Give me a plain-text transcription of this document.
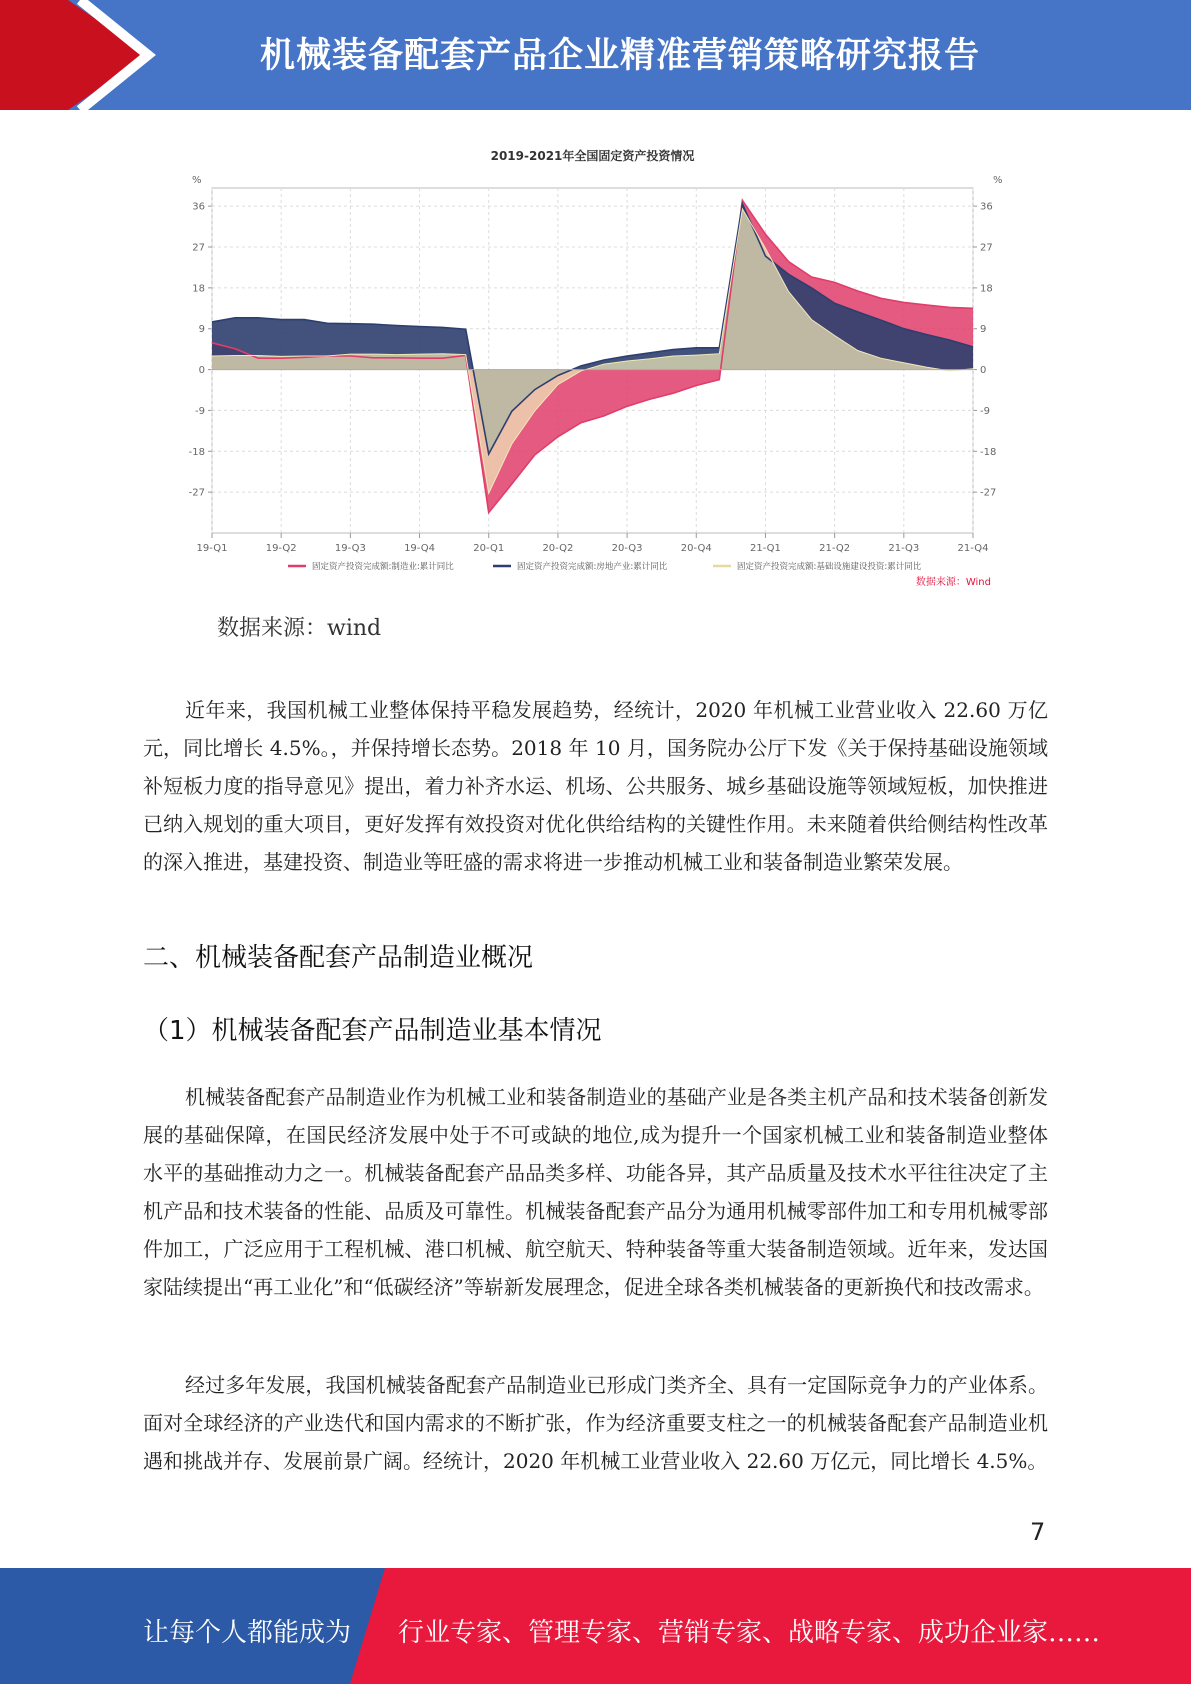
机械装备配套产品企业精准营销策略研究报告
36	36
27	27
18	18
9	9
0	0
-9	-9
-18	-18
-27	-27
19-Q1	19-Q2	19-Q3	19-Q4	20-Q1	20-Q2	20-Q3	20-Q4	21-Q1	21-Q2	21-Q3	21-Q4
2019-2021年全国固定资产投资情况
%	%
固定资产投资完成额:制造业:累计同比	固定资产投资完成额:房地产业:累计同比	固定资产投资完成额:基础设施建设投资:累计同比
数据来源：Wind
数据来源：wind

近年来，我国机械工业整体保持平稳发展趋势，经统计，2020 年机械工业营业收入 22.60 万亿元，同比增长 4.5%。，并保持增长态势。2018 年 10 月，国务院办公厅下发《关于保持基础设施领域补短板力度的指导意见》提出，着力补齐水运、机场、公共服务、城乡基础设施等领域短板，加快推进已纳入规划的重大项目，更好发挥有效投资对优化供给结构的关键性作用。未来随着供给侧结构性改革的深入推进，基建投资、制造业等旺盛的需求将进一步推动机械工业和装备制造业繁荣发展。

二、机械装备配套产品制造业概况
（1）机械装备配套产品制造业基本情况

机械装备配套产品制造业作为机械工业和装备制造业的基础产业是各类主机产品和技术装备创新发展的基础保障，在国民经济发展中处于不可或缺的地位,成为提升一个国家机械工业和装备制造业整体水平的基础推动力之一。机械装备配套产品品类多样、功能各异，其产品质量及技术水平往往决定了主机产品和技术装备的性能、品质及可靠性。机械装备配套产品分为通用机械零部件加工和专用机械零部件加工，广泛应用于工程机械、港口机械、航空航天、特种装备等重大装备制造领域。近年来，发达国家陆续提出“再工业化”和“低碳经济”等崭新发展理念，促进全球各类机械装备的更新换代和技改需求。

经过多年发展，我国机械装备配套产品制造业已形成门类齐全、具有一定国际竞争力的产业体系。面对全球经济的产业迭代和国内需求的不断扩张，作为经济重要支柱之一的机械装备配套产品制造业机遇和挑战并存、发展前景广阔。经统计，2020 年机械工业营业收入 22.60 万亿元，同比增长 4.5%。

7
让每个人都能成为 行业专家、管理专家、营销专家、战略专家、成功企业家……
